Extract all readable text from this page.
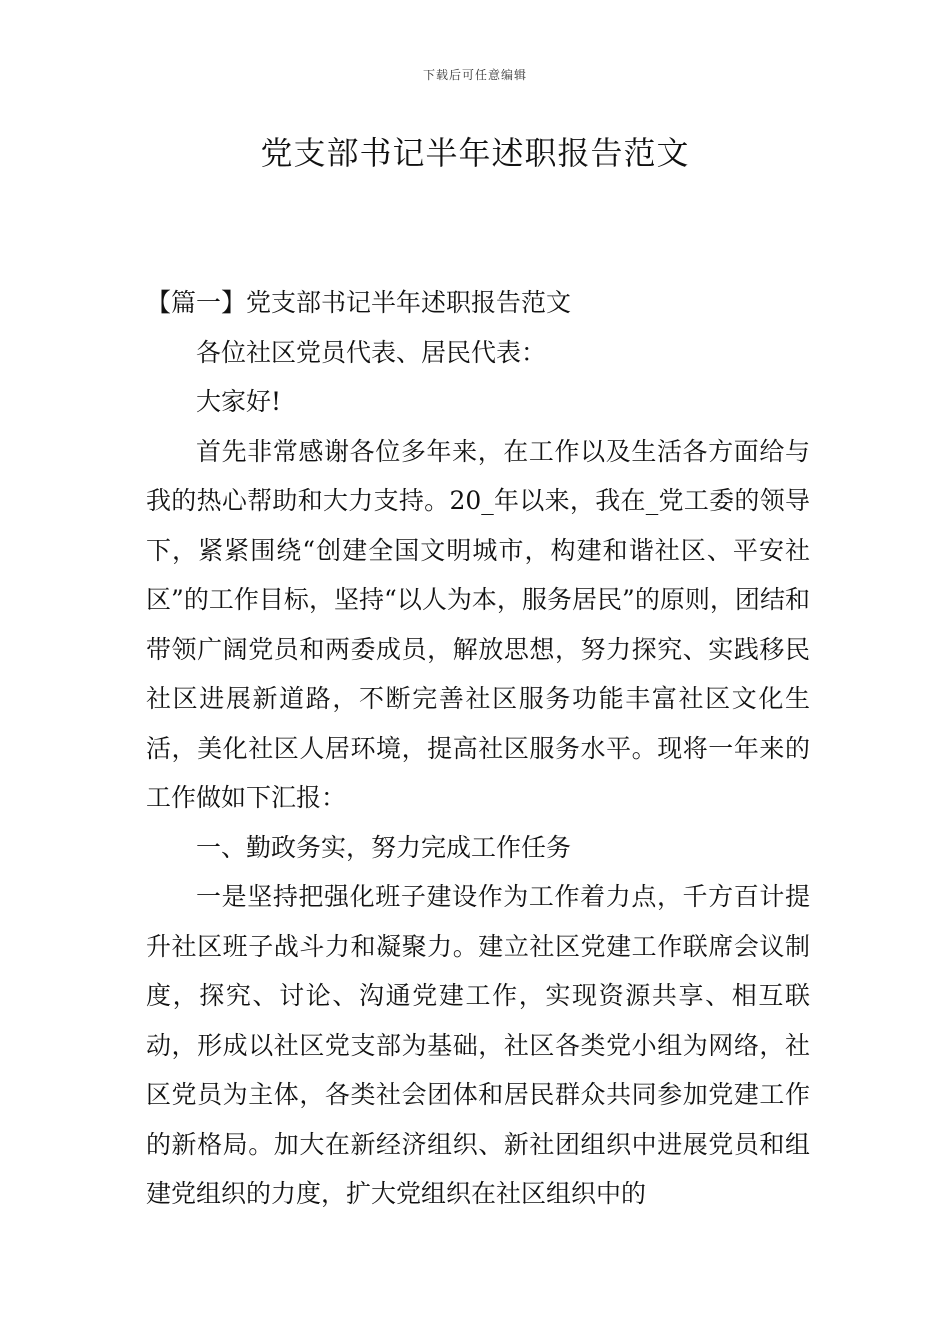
下载后可任意编辑
党支部书记半年述职报告范文

【篇一】党支部书记半年述职报告范文

各位社区党员代表、居民代表：

大家好!

首先非常感谢各位多年来，在工作以及生活各方面给与我的热心帮助和大力支持。20_年以来，我在_党工委的领导下，紧紧围绕“创建全国文明城市，构建和谐社区、平安社区”的工作目标，坚持“以人为本，服务居民”的原则，团结和带领广阔党员和两委成员，解放思想，努力探究、实践移民社区进展新道路，不断完善社区服务功能丰富社区文化生活，美化社区人居环境，提高社区服务水平。现将一年来的工作做如下汇报：

一、勤政务实，努力完成工作任务

一是坚持把强化班子建设作为工作着力点，千方百计提升社区班子战斗力和凝聚力。建立社区党建工作联席会议制度，探究、讨论、沟通党建工作，实现资源共享、相互联动，形成以社区党支部为基础，社区各类党小组为网络，社区党员为主体，各类社会团体和居民群众共同参加党建工作的新格局。加大在新经济组织、新社团组织中进展党员和组建党组织的力度，扩大党组织在社区组织中的
